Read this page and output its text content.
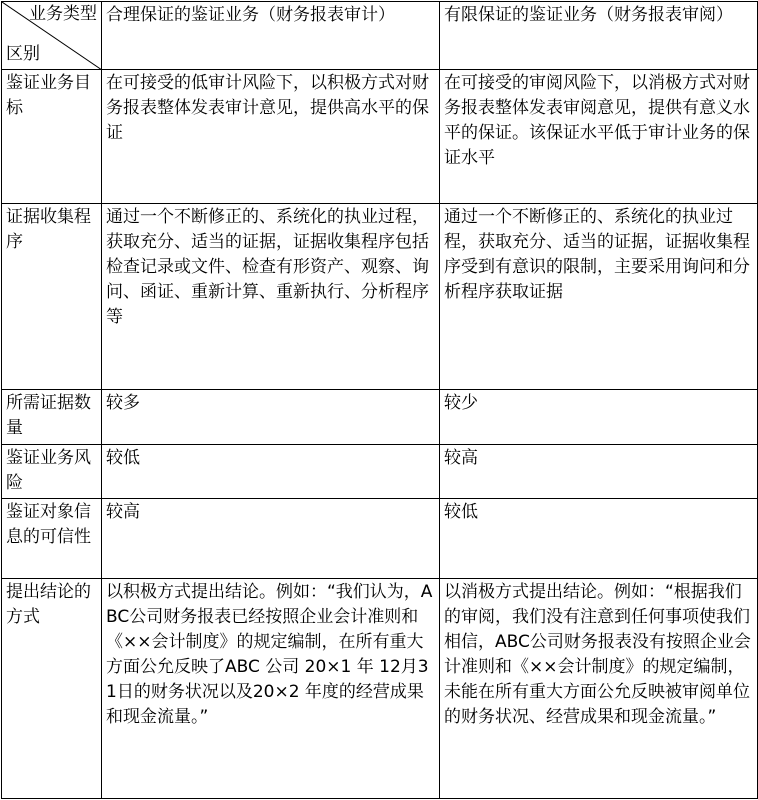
业务类型
区别	合理保证的鉴证业务（财务报表审计）	有限保证的鉴证业务（财务报表审阅）
鉴证业务目标	在可接受的低审计风险下，以积极方式对财务报表整体发表审计意见，提供高水平的保证	在可接受的审阅风险下，以消极方式对财务报表整体发表审阅意见，提供有意义水平的保证。该保证水平低于审计业务的保证水平
证据收集程序	通过一个不断修正的、系统化的执业过程，获取充分、适当的证据，证据收集程序包括检查记录或文件、检查有形资产、观察、询问、函证、重新计算、重新执行、分析程序等	通过一个不断修正的、系统化的执业过程，获取充分、适当的证据，证据收集程序受到有意识的限制，主要采用询问和分析程序获取证据
所需证据数量	较多	较少
鉴证业务风险	较低	较高
鉴证对象信息的可信性	较高	较低
提出结论的方式	以积极方式提出结论。例如：“我们认为，ABC公司财务报表已经按照企业会计准则和《××会计制度》的规定编制，在所有重大方面公允反映了ABC 公司 20×1 年 12月31日的财务状况以及20×2 年度的经营成果和现金流量。”	以消极方式提出结论。例如：“根据我们的审阅，我们没有注意到任何事项使我们相信，ABC公司财务报表没有按照企业会计准则和《××会计制度》的规定编制，未能在所有重大方面公允反映被审阅单位的财务状况、经营成果和现金流量。”
